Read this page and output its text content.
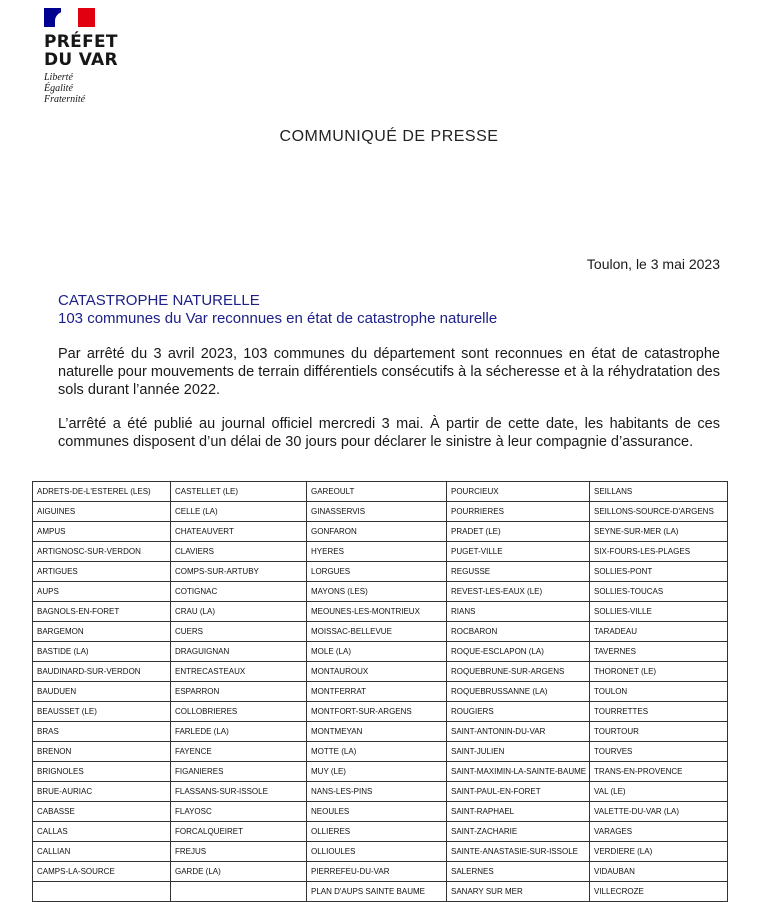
PRÉFET
DU VAR
Liberté
Égalité
Fraternité
COMMUNIQUÉ DE PRESSE
Toulon, le 3 mai 2023
CATASTROPHE NATURELLE
103 communes du Var reconnues en état de catastrophe naturelle

Par arrêté du 3 avril 2023, 103 communes du département sont reconnues en état de catastrophe naturelle pour mouvements de terrain différentiels consécutifs à la sécheresse et à la réhydratation des sols durant l’année 2022.

L’arrêté a été publié au journal officiel mercredi 3 mai. À partir de cette date, les habitants de ces communes disposent d’un délai de 30 jours pour déclarer le sinistre à leur compagnie d’assurance.

ADRETS-DE-L'ESTEREL (LES)	CASTELLET (LE)	GAREOULT	POURCIEUX	SEILLANS
AIGUINES	CELLE (LA)	GINASSERVIS	POURRIERES	SEILLONS-SOURCE-D'ARGENS
AMPUS	CHATEAUVERT	GONFARON	PRADET (LE)	SEYNE-SUR-MER (LA)
ARTIGNOSC-SUR-VERDON	CLAVIERS	HYERES	PUGET-VILLE	SIX-FOURS-LES-PLAGES
ARTIGUES	COMPS-SUR-ARTUBY	LORGUES	REGUSSE	SOLLIES-PONT
AUPS	COTIGNAC	MAYONS (LES)	REVEST-LES-EAUX (LE)	SOLLIES-TOUCAS
BAGNOLS-EN-FORET	CRAU (LA)	MEOUNES-LES-MONTRIEUX	RIANS	SOLLIES-VILLE
BARGEMON	CUERS	MOISSAC-BELLEVUE	ROCBARON	TARADEAU
BASTIDE (LA)	DRAGUIGNAN	MOLE (LA)	ROQUE-ESCLAPON (LA)	TAVERNES
BAUDINARD-SUR-VERDON	ENTRECASTEAUX	MONTAUROUX	ROQUEBRUNE-SUR-ARGENS	THORONET (LE)
BAUDUEN	ESPARRON	MONTFERRAT	ROQUEBRUSSANNE (LA)	TOULON
BEAUSSET (LE)	COLLOBRIERES	MONTFORT-SUR-ARGENS	ROUGIERS	TOURRETTES
BRAS	FARLEDE (LA)	MONTMEYAN	SAINT-ANTONIN-DU-VAR	TOURTOUR
BRENON	FAYENCE	MOTTE (LA)	SAINT-JULIEN	TOURVES
BRIGNOLES	FIGANIERES	MUY (LE)	SAINT-MAXIMIN-LA-SAINTE-BAUME	TRANS-EN-PROVENCE
BRUE-AURIAC	FLASSANS-SUR-ISSOLE	NANS-LES-PINS	SAINT-PAUL-EN-FORET	VAL (LE)
CABASSE	FLAYOSC	NEOULES	SAINT-RAPHAEL	VALETTE-DU-VAR (LA)
CALLAS	FORCALQUEIRET	OLLIERES	SAINT-ZACHARIE	VARAGES
CALLIAN	FREJUS	OLLIOULES	SAINTE-ANASTASIE-SUR-ISSOLE	VERDIERE (LA)
CAMPS-LA-SOURCE	GARDE (LA)	PIERREFEU-DU-VAR	SALERNES	VIDAUBAN
		PLAN D'AUPS SAINTE BAUME	SANARY SUR MER	VILLECROZE
